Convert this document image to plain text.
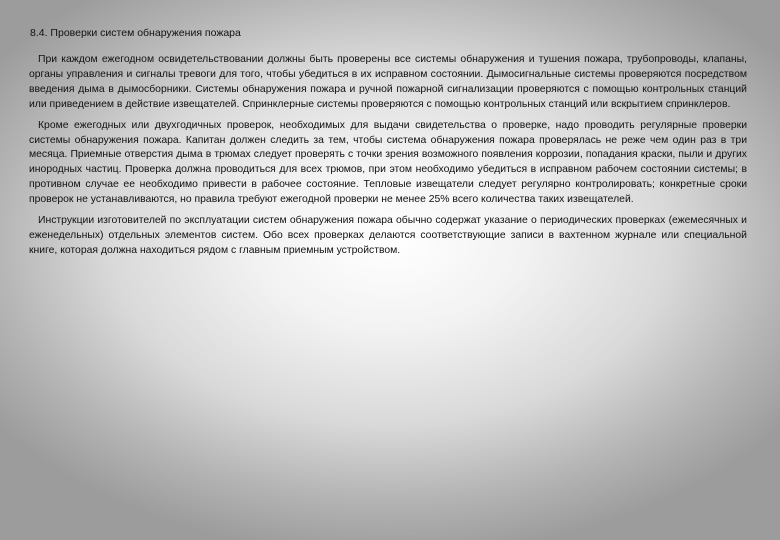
8.4. Проверки систем обнаружения пожара

При каждом ежегодном освидетельствовании должны быть проверены все системы обнаружения и тушения пожара, трубопроводы, клапаны, органы управления и сигналы тревоги для того, чтобы убедиться в их исправном состоянии. Дымосигнальные системы проверяются посредством введения дыма в дымосборники. Системы обнаружения пожара и ручной пожарной сигнализации проверяются с помощью контрольных станций или приведением в действие извещателей. Спринклерные системы проверяются с помощью контрольных станций или вскрытием спринклеров.

Кроме ежегодных или двухгодичных проверок, необходимых для выдачи свидетельства о проверке, надо проводить регулярные проверки системы обнаружения пожара. Капитан должен следить за тем, чтобы система обнаружения пожара проверялась не реже чем один раз в три месяца. Приемные отверстия дыма в трюмах следует проверять с точки зрения возможного появления коррозии, попадания краски, пыли и других инородных частиц. Проверка должна проводиться для всех трюмов, при этом необходимо убедиться в исправном рабочем состоянии системы; в противном случае ее необходимо привести в рабочее состояние. Тепловые извещатели следует регулярно контролировать; конкретные сроки проверок не устанавливаются, но правила требуют ежегодной проверки не менее 25% всего количества таких извещателей.

Инструкции изготовителей по эксплуатации систем обнаружения пожара обычно содержат указание о периодических проверках (ежемесячных и еженедельных) отдельных элементов систем. Обо всех проверках делаются соответствующие записи в вахтенном журнале или специальной книге, которая должна находиться рядом с главным приемным устройством.
